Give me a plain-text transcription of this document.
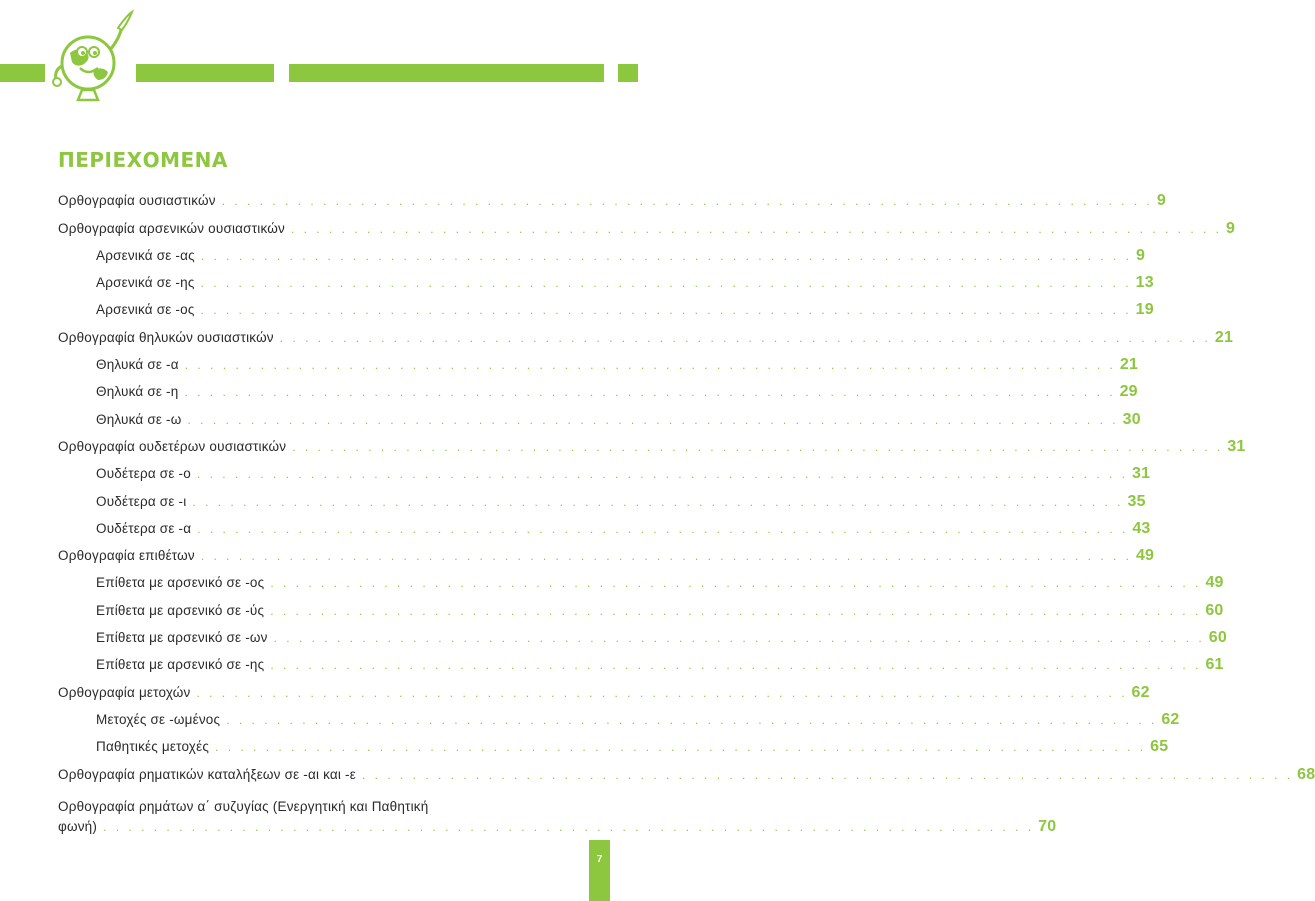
ΠΕΡΙΕΧΟΜΕΝΑ
Ορθογραφία ουσιαστικών . . . . . . . . . . . . . . . . . . . . . . . . . . . . . . . . . . . . . . . . . . . . . . . . . . . . . . . . . . . . . . . . . . . . . . . . . . 9
Ορθογραφία αρσενικών ουσιαστικών . . . . . . . . . . . . . . . . . . . . . . . . . . . . . . . . . . . . . . . . . . . . . . . . . . . . . . . . . . . . . . . . . . . . . . . . . . 9
Αρσενικά σε -ας . . . . . . . . . . . . . . . . . . . . . . . . . . . . . . . . . . . . . . . . . . . . . . . . . . . . . . . . . . . . . . . . . . . . . . . . . . 9
Αρσενικά σε -ης . . . . . . . . . . . . . . . . . . . . . . . . . . . . . . . . . . . . . . . . . . . . . . . . . . . . . . . . . . . . . . . . . . . . . . . . . . 13
Αρσενικά σε -ος . . . . . . . . . . . . . . . . . . . . . . . . . . . . . . . . . . . . . . . . . . . . . . . . . . . . . . . . . . . . . . . . . . . . . . . . . . 19
Ορθογραφία θηλυκών ουσιαστικών . . . . . . . . . . . . . . . . . . . . . . . . . . . . . . . . . . . . . . . . . . . . . . . . . . . . . . . . . . . . . . . . . . . . . . . . . . 21
Θηλυκά σε -α . . . . . . . . . . . . . . . . . . . . . . . . . . . . . . . . . . . . . . . . . . . . . . . . . . . . . . . . . . . . . . . . . . . . . . . . . . 21
Θηλυκά σε -η . . . . . . . . . . . . . . . . . . . . . . . . . . . . . . . . . . . . . . . . . . . . . . . . . . . . . . . . . . . . . . . . . . . . . . . . . . 29
Θηλυκά σε -ω . . . . . . . . . . . . . . . . . . . . . . . . . . . . . . . . . . . . . . . . . . . . . . . . . . . . . . . . . . . . . . . . . . . . . . . . . . 30
Ορθογραφία ουδετέρων ουσιαστικών . . . . . . . . . . . . . . . . . . . . . . . . . . . . . . . . . . . . . . . . . . . . . . . . . . . . . . . . . . . . . . . . . . . . . . . . . . 31
Ουδέτερα σε -ο . . . . . . . . . . . . . . . . . . . . . . . . . . . . . . . . . . . . . . . . . . . . . . . . . . . . . . . . . . . . . . . . . . . . . . . . . . 31
Ουδέτερα σε -ι . . . . . . . . . . . . . . . . . . . . . . . . . . . . . . . . . . . . . . . . . . . . . . . . . . . . . . . . . . . . . . . . . . . . . . . . . . 35
Ουδέτερα σε -α . . . . . . . . . . . . . . . . . . . . . . . . . . . . . . . . . . . . . . . . . . . . . . . . . . . . . . . . . . . . . . . . . . . . . . . . . . 43
Ορθογραφία επιθέτων . . . . . . . . . . . . . . . . . . . . . . . . . . . . . . . . . . . . . . . . . . . . . . . . . . . . . . . . . . . . . . . . . . . . . . . . . . 49
Επίθετα με αρσενικό σε -ος . . . . . . . . . . . . . . . . . . . . . . . . . . . . . . . . . . . . . . . . . . . . . . . . . . . . . . . . . . . . . . . . . . . . . . . . . . 49
Επίθετα με αρσενικό σε -ύς . . . . . . . . . . . . . . . . . . . . . . . . . . . . . . . . . . . . . . . . . . . . . . . . . . . . . . . . . . . . . . . . . . . . . . . . . . 60
Επίθετα με αρσενικό σε -ων . . . . . . . . . . . . . . . . . . . . . . . . . . . . . . . . . . . . . . . . . . . . . . . . . . . . . . . . . . . . . . . . . . . . . . . . . . 60
Επίθετα με αρσενικό σε -ης . . . . . . . . . . . . . . . . . . . . . . . . . . . . . . . . . . . . . . . . . . . . . . . . . . . . . . . . . . . . . . . . . . . . . . . . . . 61
Ορθογραφία μετοχών . . . . . . . . . . . . . . . . . . . . . . . . . . . . . . . . . . . . . . . . . . . . . . . . . . . . . . . . . . . . . . . . . . . . . . . . . . 62
Μετοχές σε -ωμένος . . . . . . . . . . . . . . . . . . . . . . . . . . . . . . . . . . . . . . . . . . . . . . . . . . . . . . . . . . . . . . . . . . . . . . . . . . 62
Παθητικές μετοχές . . . . . . . . . . . . . . . . . . . . . . . . . . . . . . . . . . . . . . . . . . . . . . . . . . . . . . . . . . . . . . . . . . . . . . . . . . 65
Ορθογραφία ρηματικών καταλήξεων σε -αι και -ε . . . . . . . . . . . . . . . . . . . . . . . . . . . . . . . . . . . . . . . . . . . . . . . . . . . . . . . . . . . . . . . . . . . . . . . . . . 68
Ορθογραφία ρημάτων α΄ συζυγίας (Ενεργητική και Παθητική
φωνή) . . . . . . . . . . . . . . . . . . . . . . . . . . . . . . . . . . . . . . . . . . . . . . . . . . . . . . . . . . . . . . . . . . . . . . . . . . 70
7
